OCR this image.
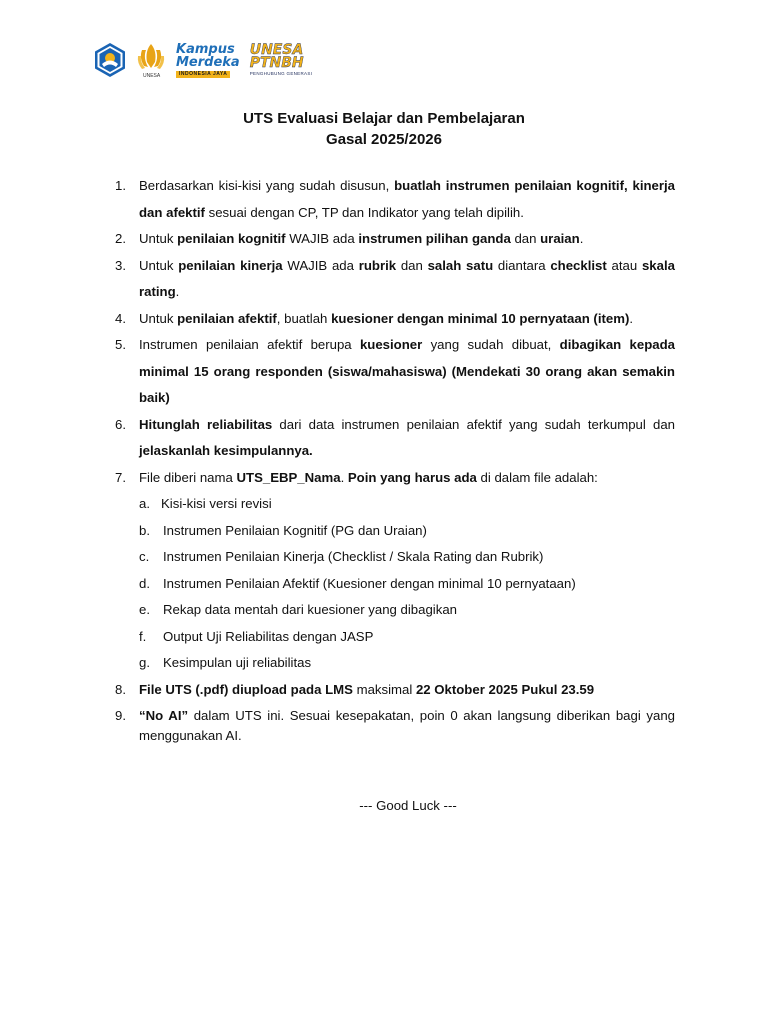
UNESA
Kampus
Merdeka
INDONESIA JAYA
UNESA
PTNBH
PENGHUBUNG GENERASI
UTS Evaluasi Belajar dan Pembelajaran
Gasal 2025/2026
1. Berdasarkan kisi-kisi yang sudah disusun, buatlah instrumen penilaian kognitif, kinerja dan afektif sesuai dengan CP, TP dan Indikator yang telah dipilih.
2. Untuk penilaian kognitif WAJIB ada instrumen pilihan ganda dan uraian.
3. Untuk penilaian kinerja WAJIB ada rubrik dan salah satu diantara checklist atau skala rating.
4. Untuk penilaian afektif, buatlah kuesioner dengan minimal 10 pernyataan (item).
5. Instrumen penilaian afektif berupa kuesioner yang sudah dibuat, dibagikan kepada minimal 15 orang responden (siswa/mahasiswa) (Mendekati 30 orang akan semakin baik)
6. Hitunglah reliabilitas dari data instrumen penilaian afektif yang sudah terkumpul dan jelaskanlah kesimpulannya.
7. File diberi nama UTS_EBP_Nama. Poin yang harus ada di dalam file adalah:
a. Kisi-kisi versi revisi
b. Instrumen Penilaian Kognitif (PG dan Uraian)
c.	Instrumen Penilaian Kinerja (Checklist / Skala Rating dan Rubrik)
d. Instrumen Penilaian Afektif (Kuesioner dengan minimal 10 pernyataan)
e. Rekap data mentah dari kuesioner yang dibagikan
f.	Output Uji Reliabilitas dengan JASP
g. Kesimpulan uji reliabilitas
8. File UTS (.pdf) diupload pada LMS maksimal 22 Oktober 2025 Pukul 23.59
9. “No AI” dalam UTS ini. Sesuai kesepakatan, poin 0 akan langsung diberikan bagi yang menggunakan AI.
--- Good Luck ---
